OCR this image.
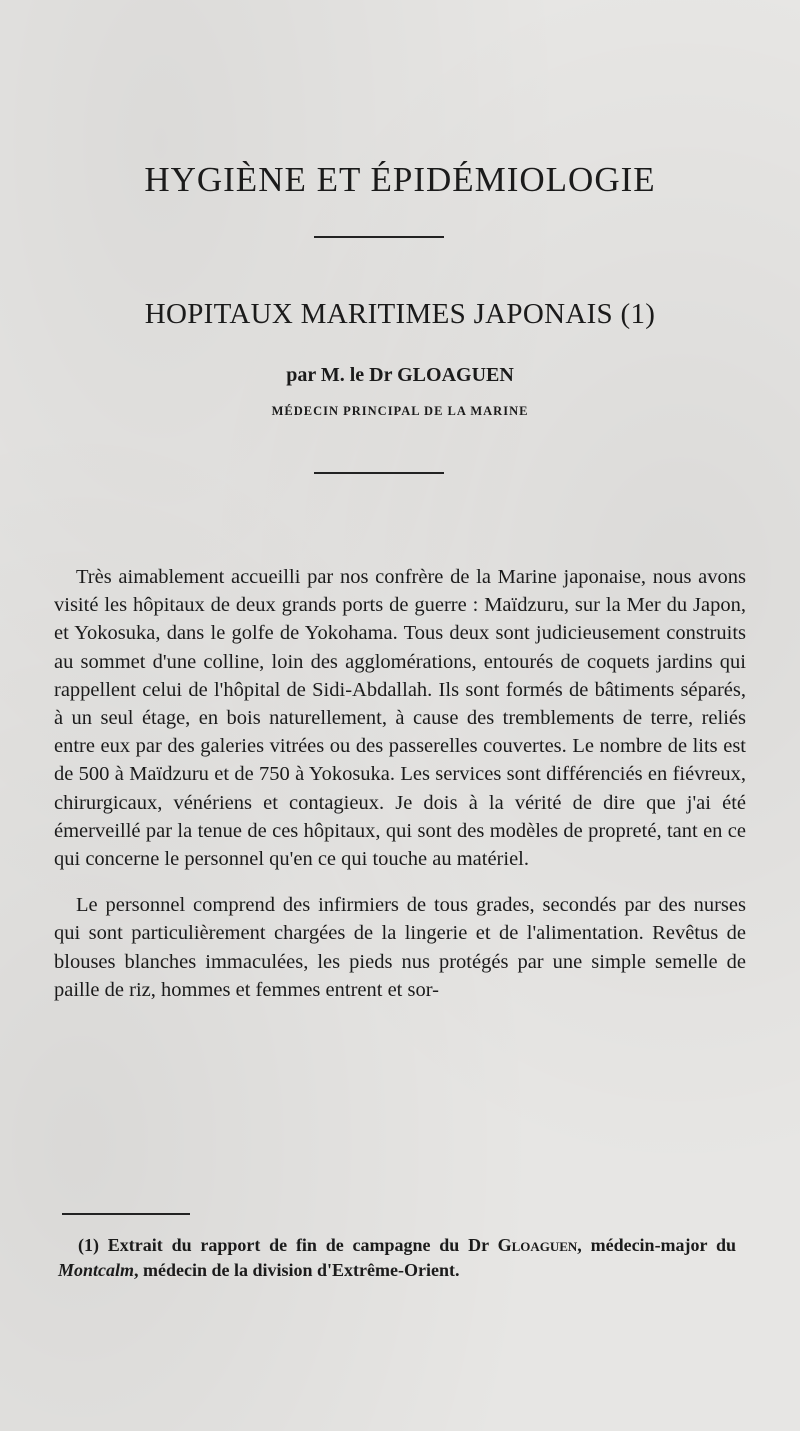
HYGIÈNE ET ÉPIDÉMIOLOGIE
HOPITAUX MARITIMES JAPONAIS (1)
par M. le Dr GLOAGUEN
MÉDECIN PRINCIPAL DE LA MARINE

Très aimablement accueilli par nos confrère de la Marine japonaise, nous avons visité les hôpitaux de deux grands ports de guerre : Maïdzuru, sur la Mer du Japon, et Yokosuka, dans le golfe de Yokohama. Tous deux sont judicieusement construits au sommet d'une colline, loin des agglomérations, entourés de coquets jardins qui rappellent celui de l'hôpital de Sidi-Abdallah. Ils sont formés de bâtiments séparés, à un seul étage, en bois naturellement, à cause des tremblements de terre, reliés entre eux par des galeries vitrées ou des passerelles couvertes. Le nombre de lits est de 500 à Maïdzuru et de 750 à Yokosuka. Les services sont différenciés en fiévreux, chirurgicaux, vénériens et contagieux. Je dois à la vérité de dire que j'ai été émerveillé par la tenue de ces hôpitaux, qui sont des modèles de propreté, tant en ce qui concerne le personnel qu'en ce qui touche au matériel.

Le personnel comprend des infirmiers de tous grades, secondés par des nurses qui sont particulièrement chargées de la lingerie et de l'alimentation. Revêtus de blouses blanches immaculées, les pieds nus protégés par une simple semelle de paille de riz, hommes et femmes entrent et sor-

(1) Extrait du rapport de fin de campagne du Dr Gloaguen, médecin-major du Montcalm, médecin de la division d'Extrême-Orient.
